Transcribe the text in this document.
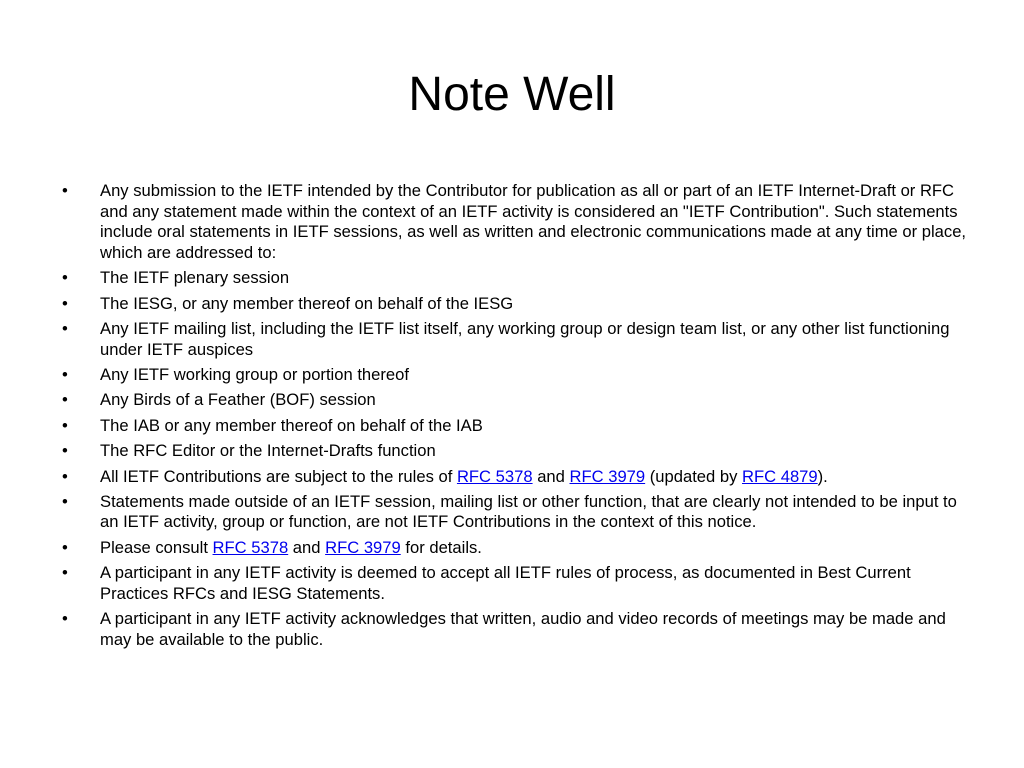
Note Well
•	Any submission to the IETF intended by the Contributor for publication as all or part of an IETF Internet-Draft or RFC and any statement made within the context of an IETF activity is considered an "IETF Contribution". Such statements include oral statements in IETF sessions, as well as written and electronic communications made at any time or place, which are addressed to:
•	The IETF plenary session
•	The IESG, or any member thereof on behalf of the IESG
•	Any IETF mailing list, including the IETF list itself, any working group or design team list, or any other list functioning under IETF auspices
•	Any IETF working group or portion thereof
•	Any Birds of a Feather (BOF) session
•	The IAB or any member thereof on behalf of the IAB
•	The RFC Editor or the Internet-Drafts function
•	All IETF Contributions are subject to the rules of RFC 5378 and RFC 3979 (updated by RFC 4879).
•	Statements made outside of an IETF session, mailing list or other function, that are clearly not intended to be input to an IETF activity, group or function, are not IETF Contributions in the context of this notice.
•	Please consult RFC 5378 and RFC 3979 for details.
•	A participant in any IETF activity is deemed to accept all IETF rules of process, as documented in Best Current Practices RFCs and IESG Statements.
•	A participant in any IETF activity acknowledges that written, audio and video records of meetings may be made and may be available to the public.
